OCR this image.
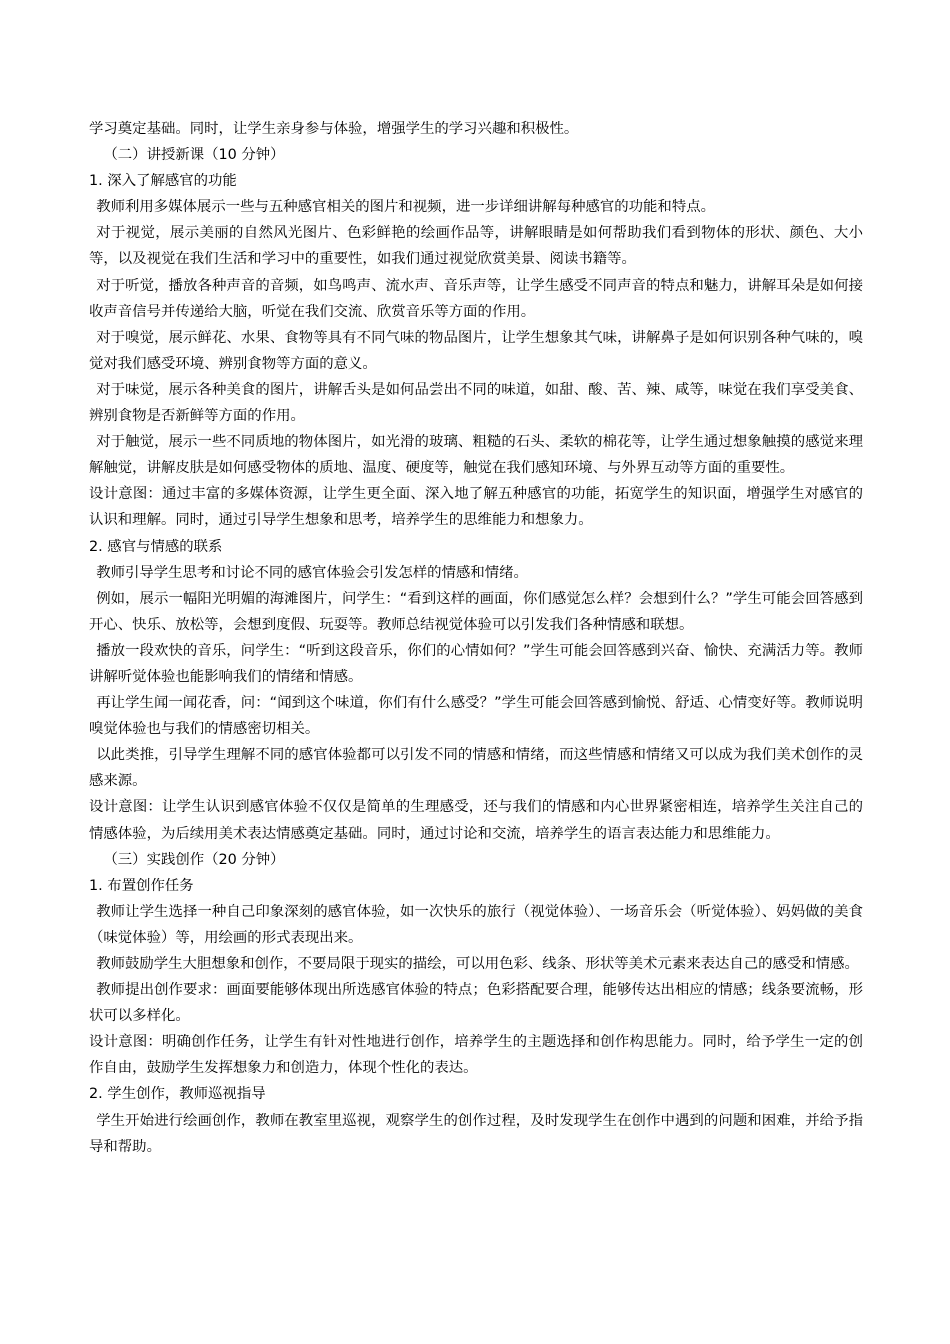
学习奠定基础。同时，让学生亲身参与体验，增强学生的学习兴趣和积极性。

（二）讲授新课（10 分钟）

1. 深入了解感官的功能

教师利用多媒体展示一些与五种感官相关的图片和视频，进一步详细讲解每种感官的功能和特点。

对于视觉，展示美丽的自然风光图片、色彩鲜艳的绘画作品等，讲解眼睛是如何帮助我们看到物体的形状、颜色、大小等，以及视觉在我们生活和学习中的重要性，如我们通过视觉欣赏美景、阅读书籍等。

对于听觉，播放各种声音的音频，如鸟鸣声、流水声、音乐声等，让学生感受不同声音的特点和魅力，讲解耳朵是如何接收声音信号并传递给大脑，听觉在我们交流、欣赏音乐等方面的作用。

对于嗅觉，展示鲜花、水果、食物等具有不同气味的物品图片，让学生想象其气味，讲解鼻子是如何识别各种气味的，嗅觉对我们感受环境、辨别食物等方面的意义。

对于味觉，展示各种美食的图片，讲解舌头是如何品尝出不同的味道，如甜、酸、苦、辣、咸等，味觉在我们享受美食、辨别食物是否新鲜等方面的作用。

对于触觉，展示一些不同质地的物体图片，如光滑的玻璃、粗糙的石头、柔软的棉花等，让学生通过想象触摸的感觉来理解触觉，讲解皮肤是如何感受物体的质地、温度、硬度等，触觉在我们感知环境、与外界互动等方面的重要性。

设计意图：通过丰富的多媒体资源，让学生更全面、深入地了解五种感官的功能，拓宽学生的知识面，增强学生对感官的认识和理解。同时，通过引导学生想象和思考，培养学生的思维能力和想象力。

2. 感官与情感的联系

教师引导学生思考和讨论不同的感官体验会引发怎样的情感和情绪。

例如，展示一幅阳光明媚的海滩图片，问学生：“看到这样的画面，你们感觉怎么样？会想到什么？”学生可能会回答感到开心、快乐、放松等，会想到度假、玩耍等。教师总结视觉体验可以引发我们各种情感和联想。

播放一段欢快的音乐，问学生：“听到这段音乐，你们的心情如何？”学生可能会回答感到兴奋、愉快、充满活力等。教师讲解听觉体验也能影响我们的情绪和情感。

再让学生闻一闻花香，问：“闻到这个味道，你们有什么感受？”学生可能会回答感到愉悦、舒适、心情变好等。教师说明嗅觉体验也与我们的情感密切相关。

以此类推，引导学生理解不同的感官体验都可以引发不同的情感和情绪，而这些情感和情绪又可以成为我们美术创作的灵感来源。

设计意图：让学生认识到感官体验不仅仅是简单的生理感受，还与我们的情感和内心世界紧密相连，培养学生关注自己的情感体验，为后续用美术表达情感奠定基础。同时，通过讨论和交流，培养学生的语言表达能力和思维能力。

（三）实践创作（20 分钟）

1. 布置创作任务

教师让学生选择一种自己印象深刻的感官体验，如一次快乐的旅行（视觉体验）、一场音乐会（听觉体验）、妈妈做的美食（味觉体验）等，用绘画的形式表现出来。

教师鼓励学生大胆想象和创作，不要局限于现实的描绘，可以用色彩、线条、形状等美术元素来表达自己的感受和情感。

教师提出创作要求：画面要能够体现出所选感官体验的特点；色彩搭配要合理，能够传达出相应的情感；线条要流畅，形状可以多样化。

设计意图：明确创作任务，让学生有针对性地进行创作，培养学生的主题选择和创作构思能力。同时，给予学生一定的创作自由，鼓励学生发挥想象力和创造力，体现个性化的表达。

2. 学生创作，教师巡视指导

学生开始进行绘画创作，教师在教室里巡视，观察学生的创作过程，及时发现学生在创作中遇到的问题和困难，并给予指导和帮助。
